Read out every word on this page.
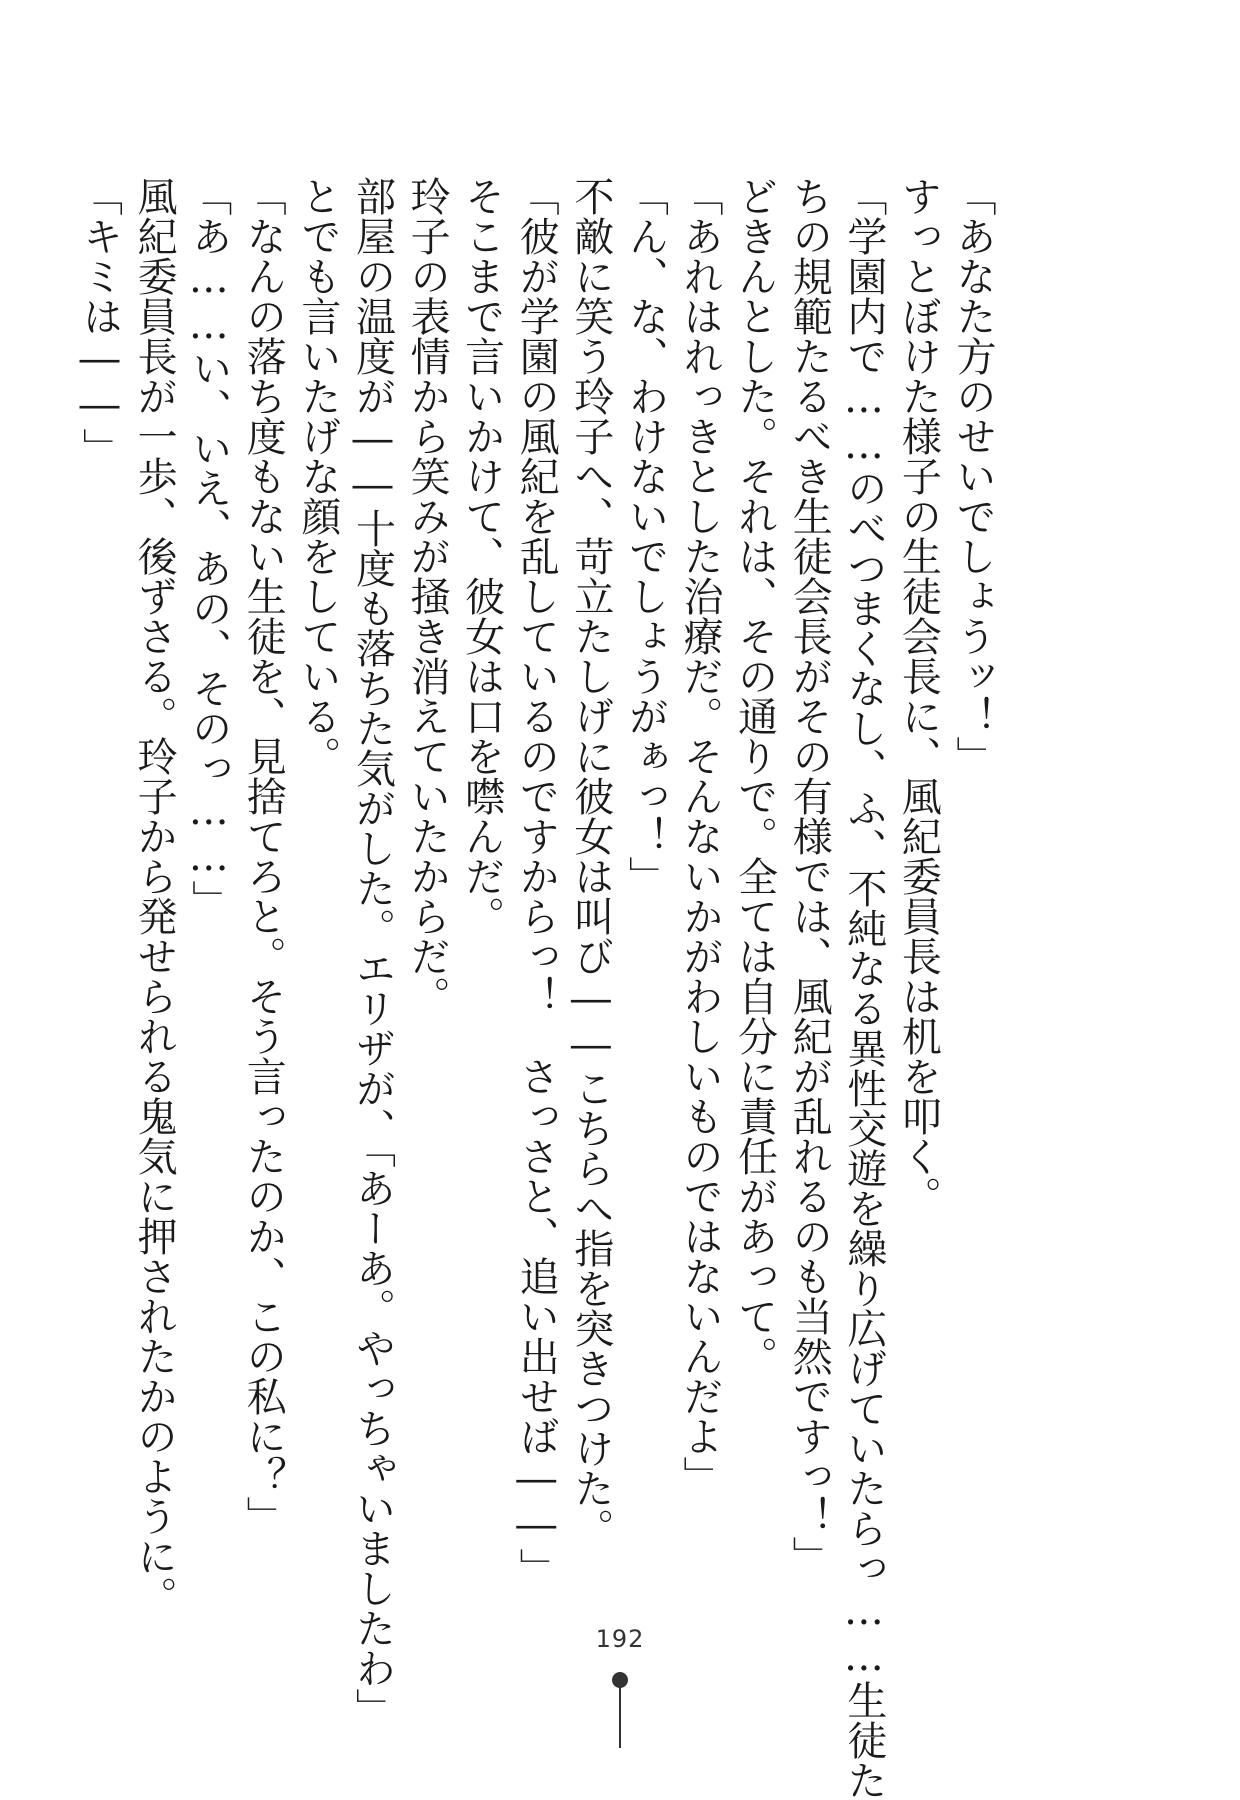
「あなた方のせいでしょうッ！」
すっとぼけた様子の生徒会長に、風紀委員長は机を叩く。
「学園内で……のべつまくなし、ふ、不純なる異性交遊を繰り広げていたらっ……生徒た
ちの規範たるべき生徒会長がその有様では、風紀が乱れるのも当然ですっ！」
どきんとした。それは、その通りで。全ては自分に責任があって。
「あれはれっきとした治療だ。そんないかがわしいものではないんだよ」
「ん、な、わけないでしょうがぁっ！」
不敵に笑う玲子へ、苛立たしげに彼女は叫び――こちらへ指を突きつけた。
「彼が学園の風紀を乱しているのですからっ！　さっさと、追い出せば――」
そこまで言いかけて、彼女は口を噤んだ。
玲子の表情から笑みが掻き消えていたからだ。
部屋の温度が――十度も落ちた気がした。エリザが、「あーあ。やっちゃいましたわ」
とでも言いたげな顔をしている。
「なんの落ち度もない生徒を、見捨てろと。そう言ったのか、この私に？」
「あ……い、いえ、あの、そのっ……」
風紀委員長が一歩、後ずさる。玲子から発せられる鬼気に押されたかのように。
「キミは――」
192
